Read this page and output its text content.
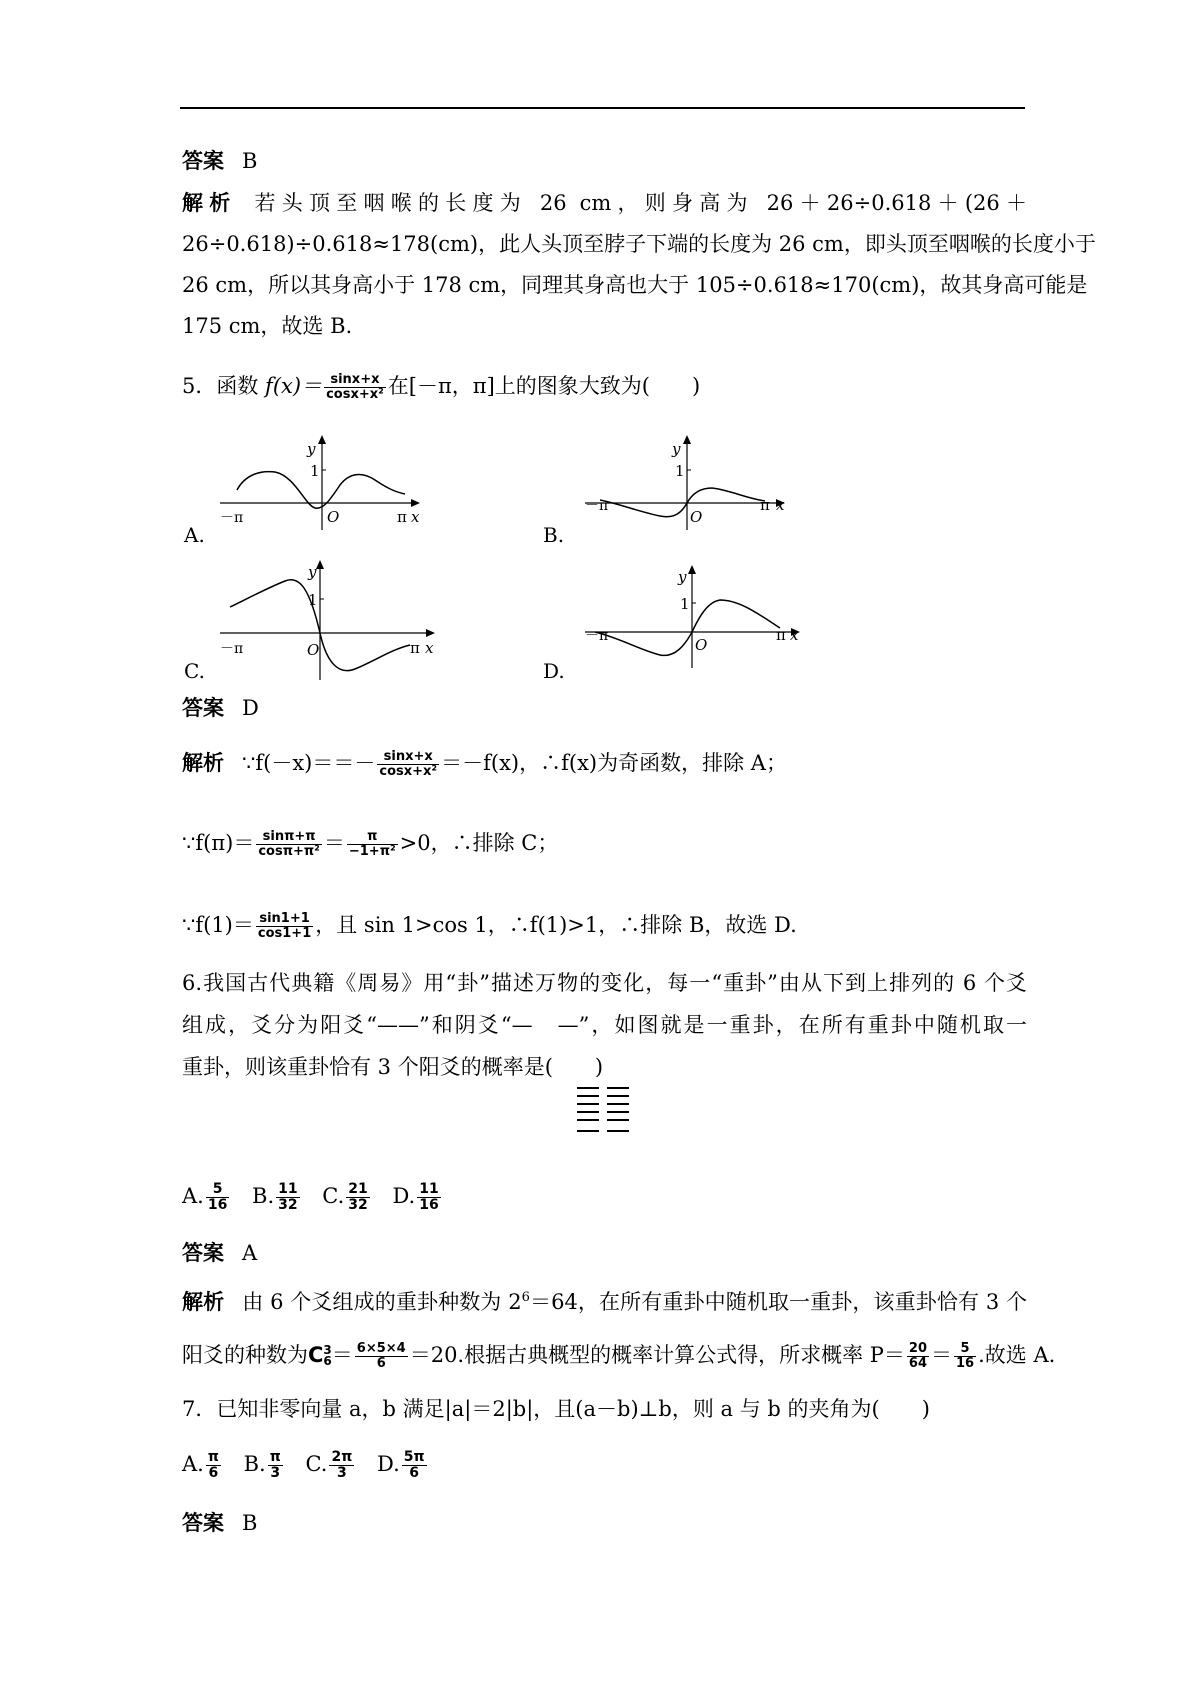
答案 B
解析 若头顶至咽喉的长度为 26 cm，则身高为 26＋26÷0.618＋(26＋
26÷0.618)÷0.618≈178(cm)，此人头顶至脖子下端的长度为 26 cm，即头顶至咽喉的长度小于
26 cm，所以其身高小于 178 cm，同理其身高也大于 105÷0.618≈170(cm)，故其身高可能是
175 cm，故选 B.
5．函数 $f(x)= \frac{\sin x+x}{\text{cosx+x²}}$ 在[－π，π]上的图象大致为(　　)
y
1
O
－π	π x
A.
y
1
O
－π	π x
B.
y
1
O
－π	π x
C.
y
1
O
－π	π x
D.
答案 D
解析 ∵f(－x)＝＝－ $\frac{\sin x+x}{\text{cosx+x²}} =-f(x)$，∴f(x)为奇函数，排除 A；
∵f(π)＝ $\frac{\sin\pi+\pi}{\text{cosπ+π²}} = \frac{\pi}{\text{−1+π²}} >0$，∴排除 C；
∵f(1)＝ $\frac{\sin 1+1}{\cos 1+1}$ ，且 sin 1>cos 1，∴f(1)>1，∴排除 B，故选 D.
6.我国古代典籍《周易》用“卦”描述万物的变化，每一“重卦”由从下到上排列的 6 个爻
组成，爻分为阳爻“——”和阴爻“—　—”，如图就是一重卦，在所有重卦中随机取一
重卦，则该重卦恰有 3 个阳爻的概率是(　　)
A. $\frac{5}{16} B$. $\frac{11}{32} C$. $\frac{21}{32} D$. $\frac{11}{16}$
答案 A
解析 由 6 个爻组成的重卦种数为 $2^6=64$，在所有重卦中随机取一重卦，该重卦恰有 3 个
阳爻的种数为C 3
$6 = \frac{6\times 5\times 4}{6} =20$.根据古典概型的概率计算公式得，所求概率 $P= \frac{20}{64} = \frac{5}{16}$ .故选 A.
7．已知非零向量 a，b 满足|a|＝2|b|，且(a－b)⊥b，则 a 与 b 的夹角为(　　)
A. $\frac{\pi}{6} B$. $\frac{\pi}{3} C$. $\frac{2\pi}{3} D$. $\frac{5\pi}{6}$
答案 B
